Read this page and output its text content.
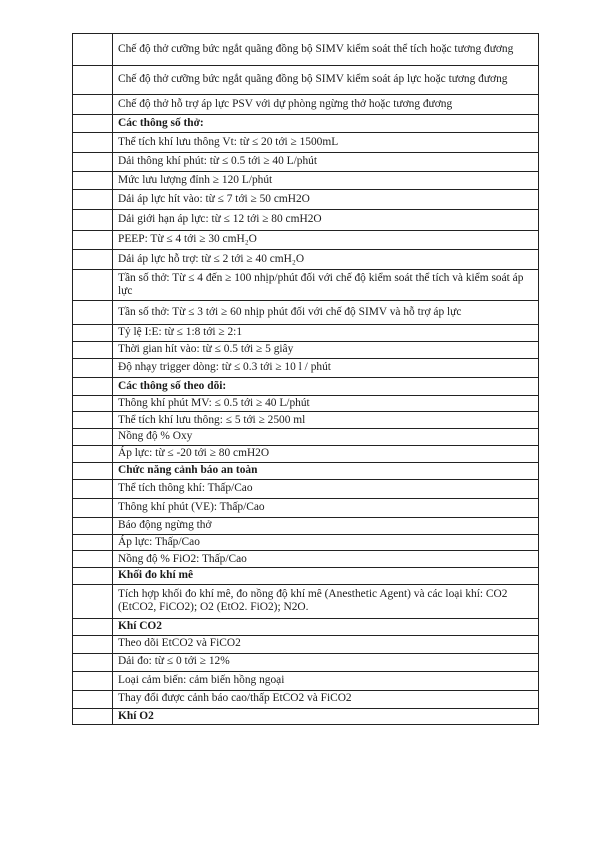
	Chế độ thở cưỡng bức ngắt quãng đồng bộ SIMV kiểm soát thể tích hoặc tương đương
	Chế độ thở cưỡng bức ngắt quãng đồng bộ SIMV kiểm soát áp lực hoặc tương đương
	Chế độ thở hỗ trợ áp lực PSV với dự phòng ngừng thở hoặc tương đương
	Các thông số thở:
	Thể tích khí lưu thông Vt: từ ≤ 20 tới ≥ 1500mL
	Dải thông khí phút: từ ≤ 0.5 tới ≥ 40 L/phút
	Mức lưu lượng đỉnh ≥ 120 L/phút
	Dải áp lực hít vào: từ ≤ 7 tới ≥ 50 cmH2O
	Dải giới hạn áp lực: từ ≤ 12 tới ≥ 80 cmH2O
	PEEP: Từ ≤ 4 tới ≥ 30 cmH₂O
	Dải áp lực hỗ trợ: từ ≤ 2 tới ≥ 40 cmH₂O
	Tần số thở: Từ ≤ 4 đến ≥ 100 nhịp/phút đối với chế độ kiểm soát thể tích và kiểm soát áp lực
	Tần số thở: Từ ≤ 3 tới ≥ 60 nhịp phút đối với chế độ SIMV và hỗ trợ áp lực
	Tỷ lệ I:E: từ ≤ 1:8 tới ≥ 2:1
	Thời gian hít vào: từ ≤ 0.5 tới ≥ 5 giây
	Độ nhạy trigger dòng: từ ≤ 0.3 tới ≥ 10 l / phút
	Các thông số theo dõi:
	Thông khí phút MV: ≤ 0.5 tới ≥ 40 L/phút
	Thể tích khí lưu thông: ≤ 5 tới ≥ 2500 ml
	Nồng độ % Oxy
	Áp lực: từ ≤ -20 tới ≥ 80 cmH2O
	Chức năng cảnh báo an toàn
	Thể tích thông khí: Thấp/Cao
	Thông khí phút (VE): Thấp/Cao
	Báo động ngừng thở
	Áp lực: Thấp/Cao
	Nồng độ % FiO2: Thấp/Cao
	Khối đo khí mê
	Tích hợp khối đo khí mê, đo nồng độ khí mê (Anesthetic Agent) và các loại khí: CO2 (EtCO2, FiCO2); O2 (EtO2. FiO2); N2O.
	Khí CO2
	Theo dõi EtCO2 và FiCO2
	Dải đo: từ ≤ 0 tới ≥ 12%
	Loại cảm biến: cảm biến hồng ngoại
	Thay đổi được cảnh báo cao/thấp EtCO2 và FiCO2
	Khí O2
